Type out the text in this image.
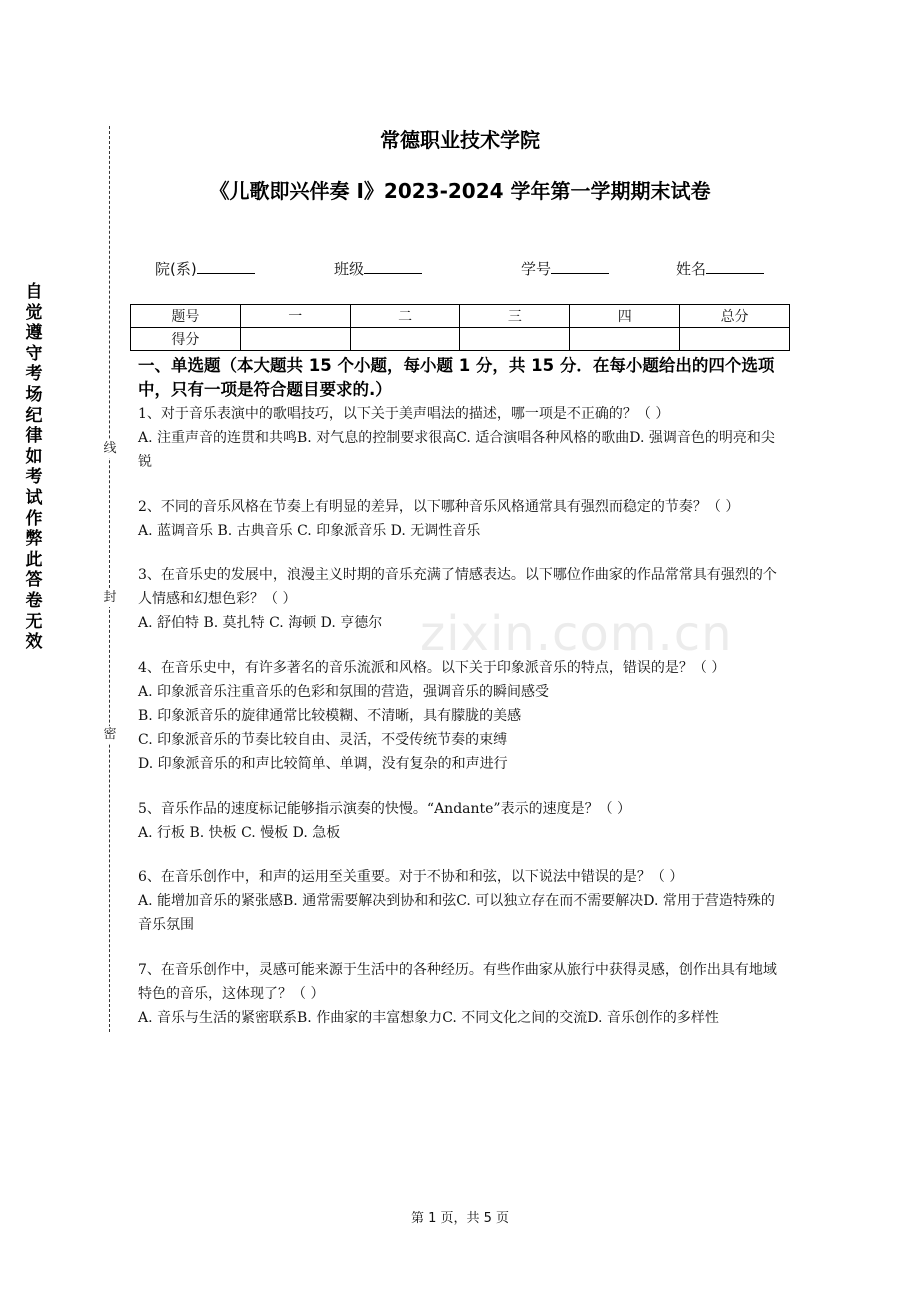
自觉遵守考场纪律如考试作弊此答卷无效
线
封
密
常德职业技术学院
《儿歌即兴伴奏 I》2023-2024 学年第一学期期末试卷
院(系)	班级	学号	姓名
题号	一	二	三	四	总分
得分					
一、单选题（本大题共 15 个小题，每小题 1 分，共 15 分．在每小题给出的四个选项中，只有一项是符合题目要求的.）
1、对于音乐表演中的歌唱技巧，以下关于美声唱法的描述，哪一项是不正确的？（ ）
A. 注重声音的连贯和共鸣B. 对气息的控制要求很高C. 适合演唱各种风格的歌曲D. 强调音色的明亮和尖锐
2、不同的音乐风格在节奏上有明显的差异，以下哪种音乐风格通常具有强烈而稳定的节奏？（ ）
A. 蓝调音乐 B. 古典音乐 C. 印象派音乐 D. 无调性音乐
3、在音乐史的发展中，浪漫主义时期的音乐充满了情感表达。以下哪位作曲家的作品常常具有强烈的个人情感和幻想色彩？（ ）
A. 舒伯特 B. 莫扎特 C. 海顿 D. 亨德尔
4、在音乐史中，有许多著名的音乐流派和风格。以下关于印象派音乐的特点，错误的是？（ ）
A. 印象派音乐注重音乐的色彩和氛围的营造，强调音乐的瞬间感受
B. 印象派音乐的旋律通常比较模糊、不清晰，具有朦胧的美感
C. 印象派音乐的节奏比较自由、灵活，不受传统节奏的束缚
D. 印象派音乐的和声比较简单、单调，没有复杂的和声进行
5、音乐作品的速度标记能够指示演奏的快慢。“Andante”表示的速度是？（ ）
A. 行板 B. 快板 C. 慢板 D. 急板
6、在音乐创作中，和声的运用至关重要。对于不协和和弦，以下说法中错误的是？（ ）
A. 能增加音乐的紧张感B. 通常需要解决到协和和弦C. 可以独立存在而不需要解决D. 常用于营造特殊的音乐氛围
7、在音乐创作中，灵感可能来源于生活中的各种经历。有些作曲家从旅行中获得灵感，创作出具有地域特色的音乐，这体现了？（ ）
A. 音乐与生活的紧密联系B. 作曲家的丰富想象力C. 不同文化之间的交流D. 音乐创作的多样性
zixin.com.cn
第 1 页，共 5 页
